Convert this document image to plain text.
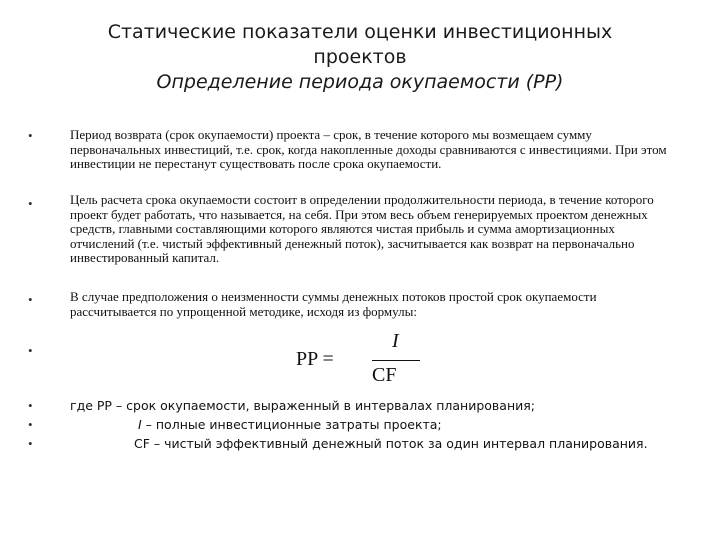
Статические показатели оценки инвестиционных
проектов
Определение периода окупаемости (РР)
•	Период возврата (срок окупаемости) проекта – срок, в течение которого мы возмещаем сумму первоначальных инвестиций, т.е. срок, когда накопленные доходы сравниваются с инвестициями. При этом инвестиции не перестанут существовать после срока окупаемости.
•	Цель расчета срока окупаемости состоит в определении продолжительности периода, в течение которого проект будет работать, что называется, на себя. При этом весь объем генерируемых проектом денежных средств, главными составляющими которого являются чистая прибыль и сумма амортизационных отчислений (т.е. чистый эффективный денежный поток), засчитывается как возврат на первоначально инвестированный капитал.
•	В случае предположения о неизменности суммы денежных потоков простой срок окупаемости рассчитывается по упрощенной методике, исходя из формулы:
•	PP =
I
CF
•	где РР – срок окупаемости, выраженный в интервалах планирования;
•	I – полные инвестиционные затраты проекта;
•	CF – чистый эффективный денежный поток за один интервал планирования.
